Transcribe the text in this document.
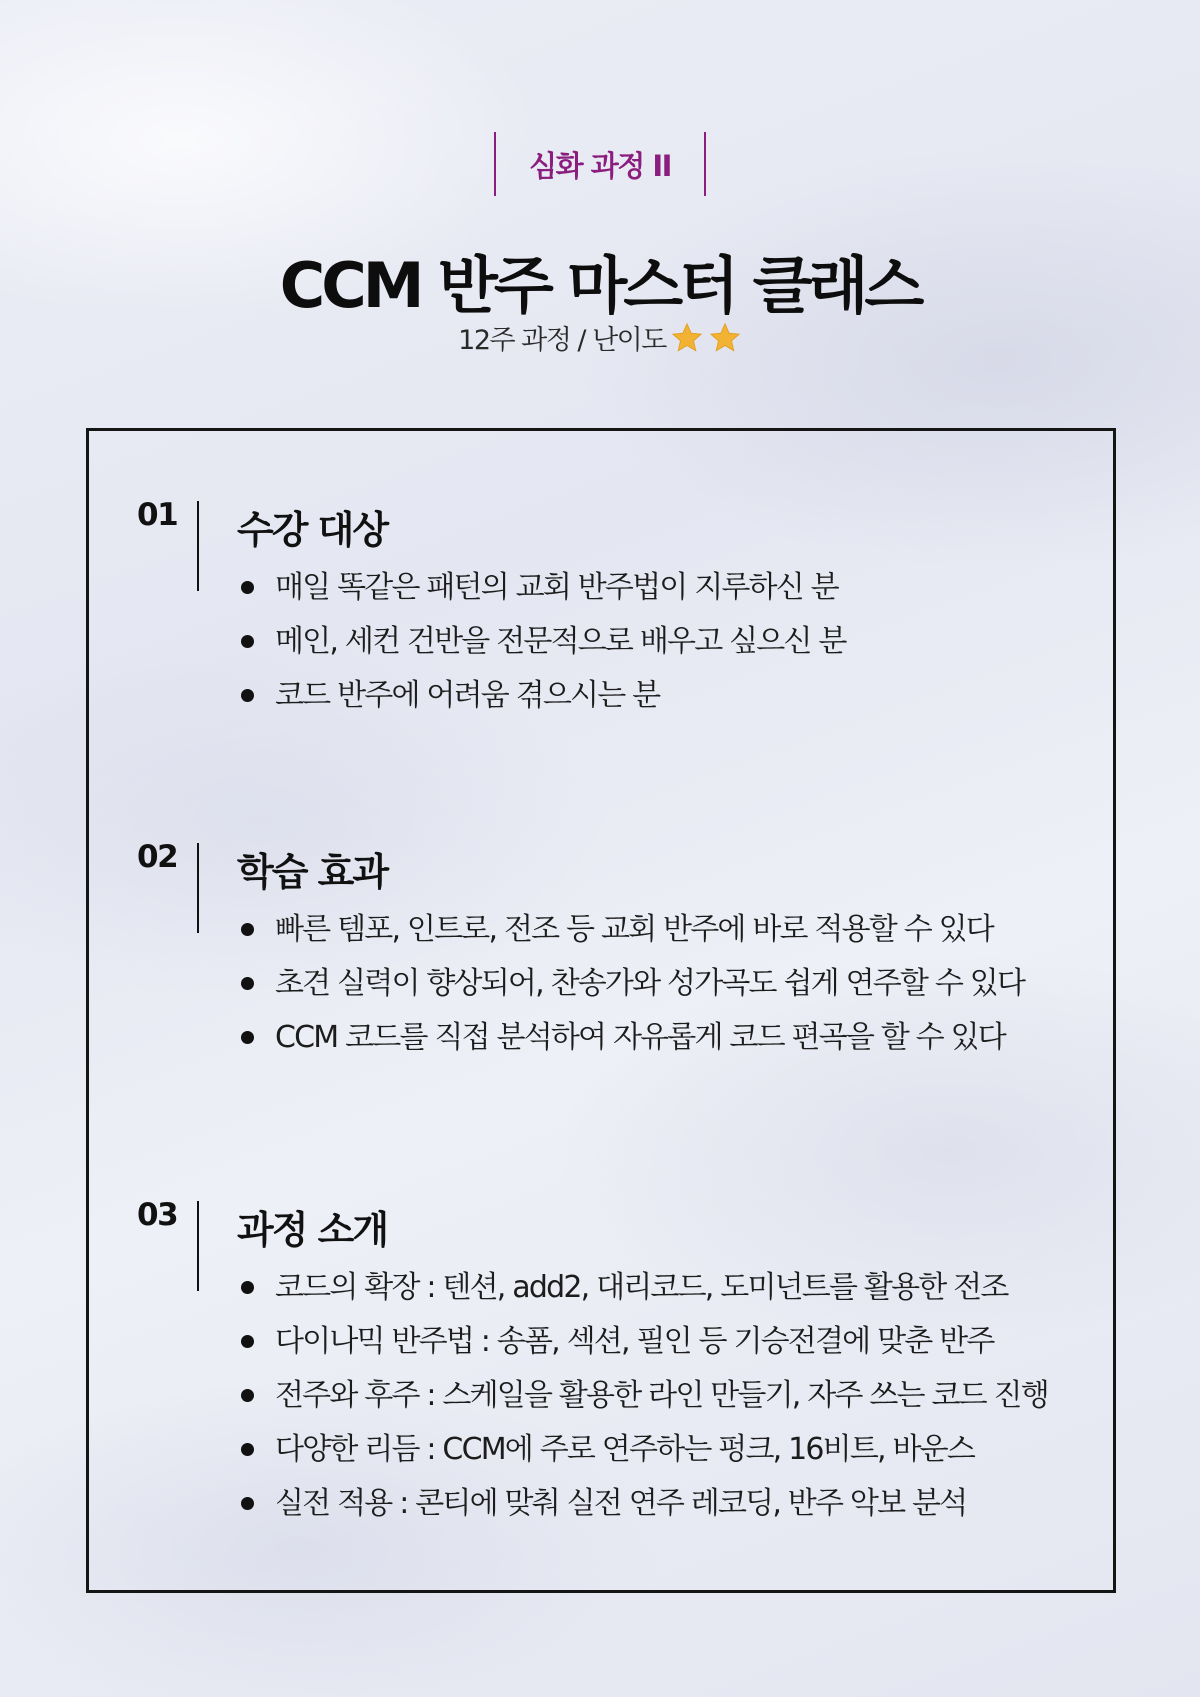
심화 과정 II
CCM 반주 마스터 클래스
12주 과정 / 난이도
01 수강 대상
매일 똑같은 패턴의 교회 반주법이 지루하신 분
메인, 세컨 건반을 전문적으로 배우고 싶으신 분
코드 반주에 어려움 겪으시는 분
02 학습 효과
빠른 템포, 인트로, 전조 등 교회 반주에 바로 적용할 수 있다
초견 실력이 향상되어, 찬송가와 성가곡도 쉽게 연주할 수 있다
CCM 코드를 직접 분석하여 자유롭게 코드 편곡을 할 수 있다
03 과정 소개
코드의 확장 : 텐션, add2, 대리코드, 도미넌트를 활용한 전조
다이나믹 반주법 : 송폼, 섹션, 필인 등 기승전결에 맞춘 반주
전주와 후주 : 스케일을 활용한 라인 만들기, 자주 쓰는 코드 진행
다양한 리듬 : CCM에 주로 연주하는 펑크, 16비트, 바운스
실전 적용 : 콘티에 맞춰 실전 연주 레코딩, 반주 악보 분석
